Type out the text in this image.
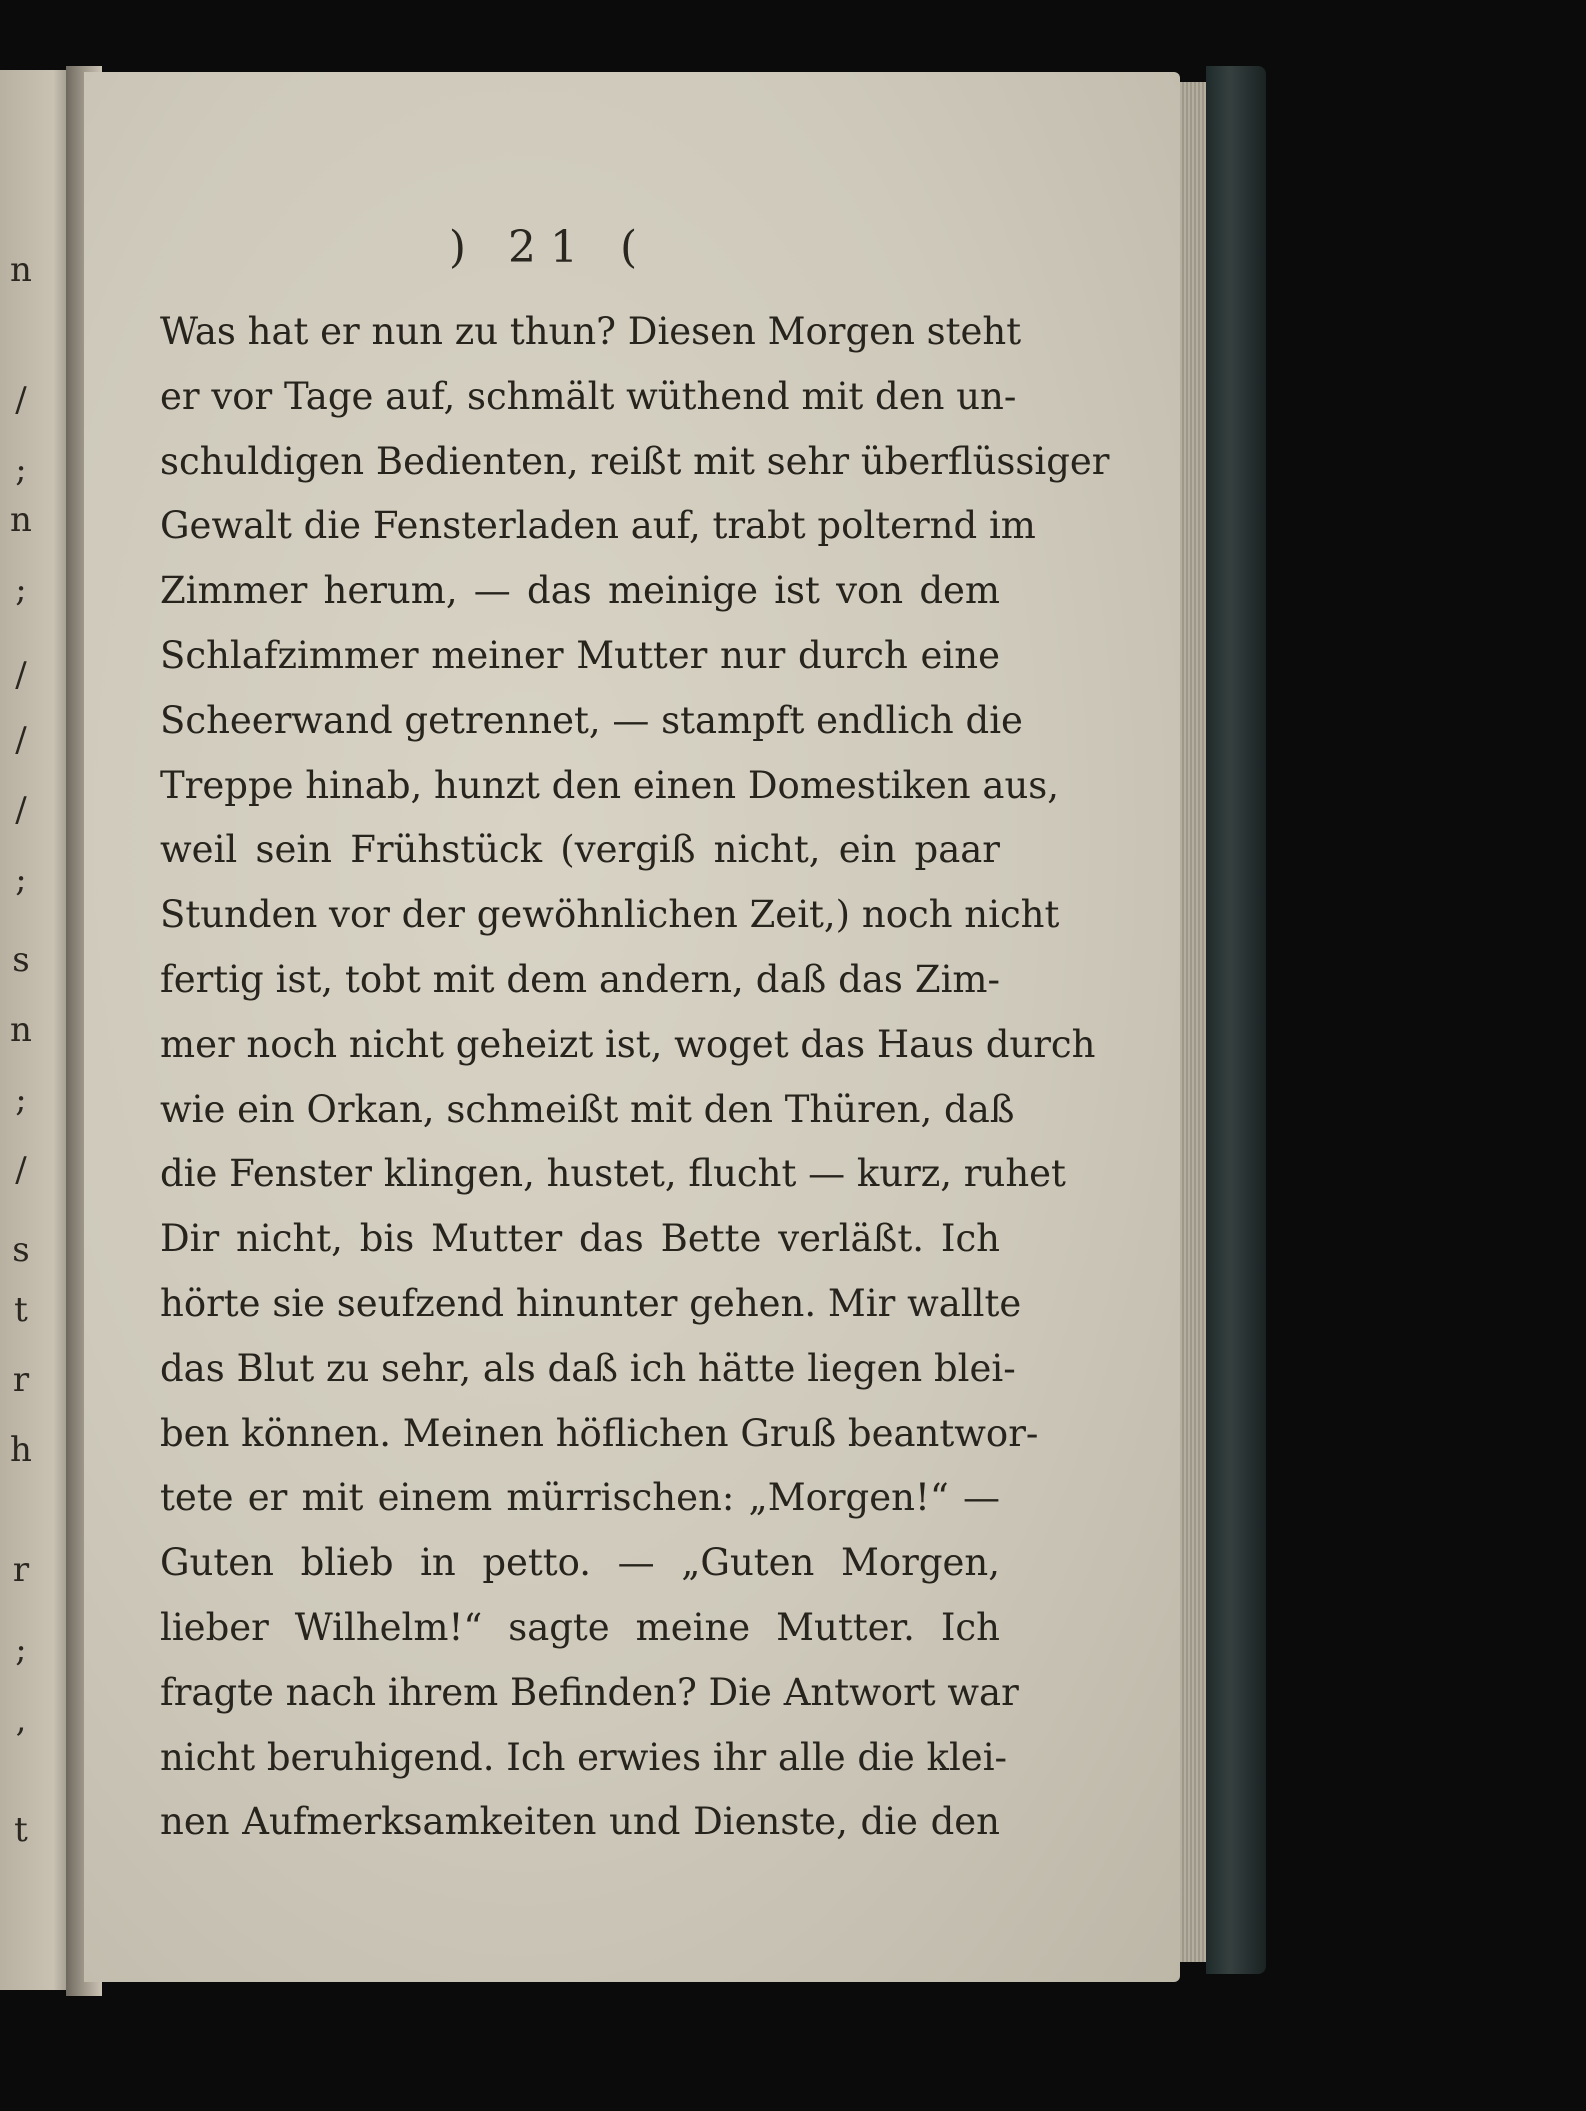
n
/
;
n
;
/
/
/
;
s
n
;
/
s
t
r
h
r
;
,
t
) 21 (
Was hat er nun zu thun? Diesen Morgen steht
er vor Tage auf, schmält wüthend mit den un-
schuldigen Bedienten, reißt mit sehr überflüssiger
Gewalt die Fensterladen auf, trabt polternd im
Zimmer herum, — das meinige ist von dem
Schlafzimmer meiner Mutter nur durch eine
Scheerwand getrennet, — stampft endlich die
Treppe hinab, hunzt den einen Domestiken aus,
weil sein Frühstück (vergiß nicht, ein paar
Stunden vor der gewöhnlichen Zeit,) noch nicht
fertig ist, tobt mit dem andern, daß das Zim-
mer noch nicht geheizt ist, woget das Haus durch
wie ein Orkan, schmeißt mit den Thüren, daß
die Fenster klingen, hustet, flucht — kurz, ruhet
Dir nicht, bis Mutter das Bette verläßt. Ich
hörte sie seufzend hinunter gehen. Mir wallte
das Blut zu sehr, als daß ich hätte liegen blei-
ben können. Meinen höflichen Gruß beantwor-
tete er mit einem mürrischen: „Morgen!“ —
Guten blieb in petto. — „Guten Morgen,
lieber Wilhelm!“ sagte meine Mutter. Ich
fragte nach ihrem Befinden? Die Antwort war
nicht beruhigend. Ich erwies ihr alle die klei-
nen Aufmerksamkeiten und Dienste, die den
